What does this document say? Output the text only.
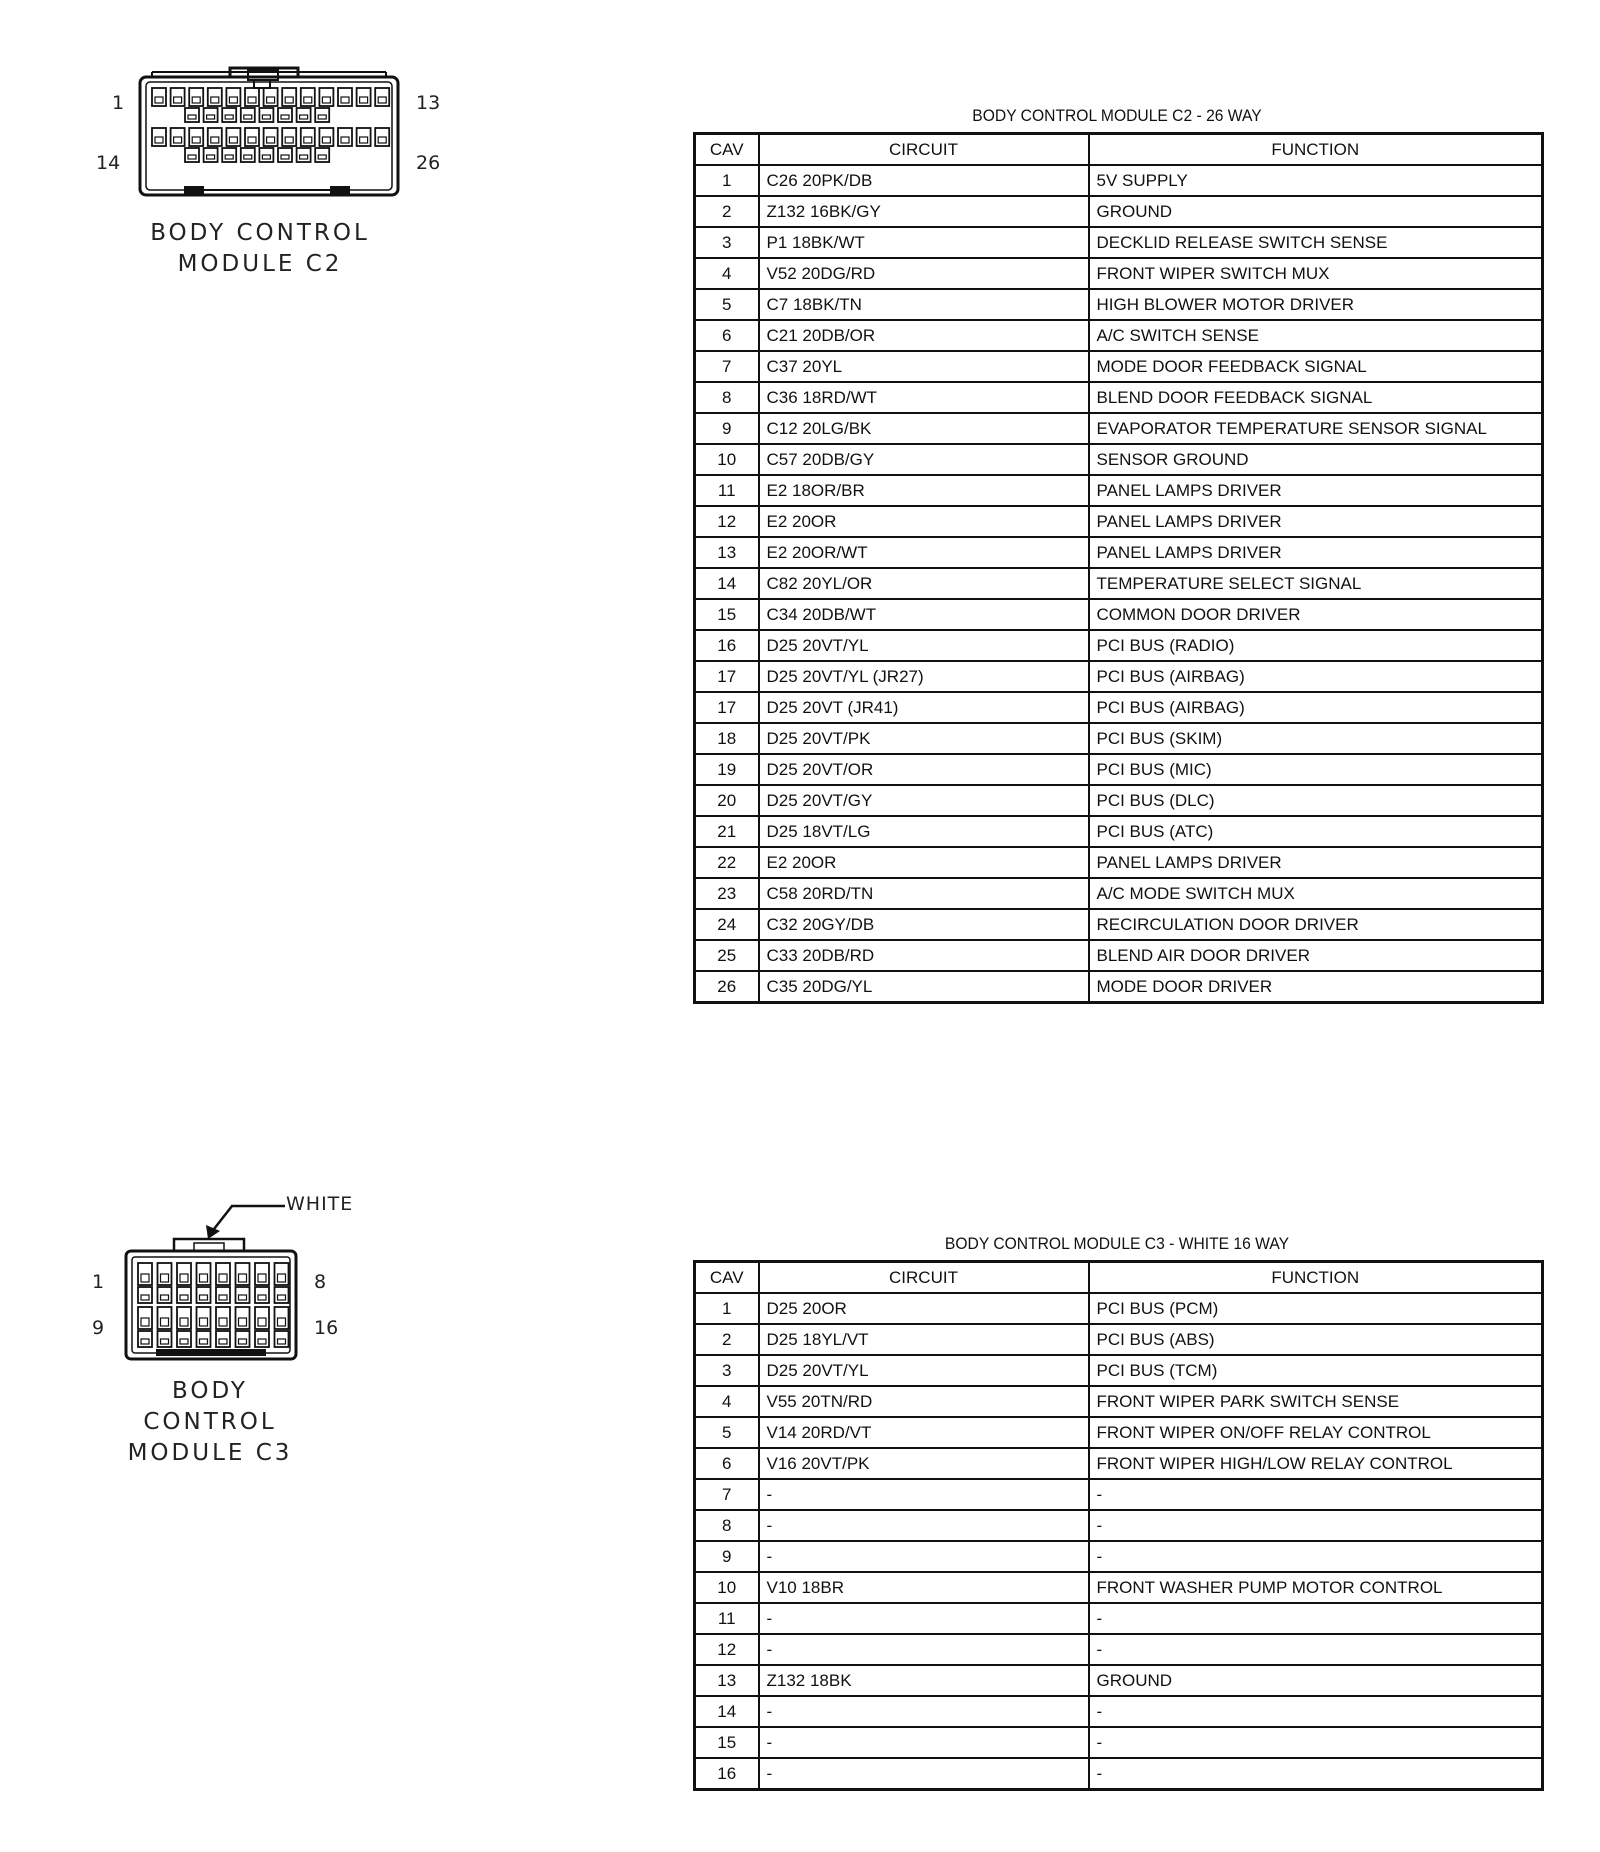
1	13
14	26
BODY CONTROL
MODULE C2
BODY CONTROL MODULE C2 - 26 WAY
CAV	CIRCUIT	FUNCTION
1	C26 20PK/DB	5V SUPPLY
2	Z132 16BK/GY	GROUND
3	P1 18BK/WT	DECKLID RELEASE SWITCH SENSE
4	V52 20DG/RD	FRONT WIPER SWITCH MUX
5	C7 18BK/TN	HIGH BLOWER MOTOR DRIVER
6	C21 20DB/OR	A/C SWITCH SENSE
7	C37 20YL	MODE DOOR FEEDBACK SIGNAL
8	C36 18RD/WT	BLEND DOOR FEEDBACK SIGNAL
9	C12 20LG/BK	EVAPORATOR TEMPERATURE SENSOR SIGNAL
10	C57 20DB/GY	SENSOR GROUND
11	E2 18OR/BR	PANEL LAMPS DRIVER
12	E2 20OR	PANEL LAMPS DRIVER
13	E2 20OR/WT	PANEL LAMPS DRIVER
14	C82 20YL/OR	TEMPERATURE SELECT SIGNAL
15	C34 20DB/WT	COMMON DOOR DRIVER
16	D25 20VT/YL	PCI BUS (RADIO)
17	D25 20VT/YL (JR27)	PCI BUS (AIRBAG)
17	D25 20VT (JR41)	PCI BUS (AIRBAG)
18	D25 20VT/PK	PCI BUS (SKIM)
19	D25 20VT/OR	PCI BUS (MIC)
20	D25 20VT/GY	PCI BUS (DLC)
21	D25 18VT/LG	PCI BUS (ATC)
22	E2 20OR	PANEL LAMPS DRIVER
23	C58 20RD/TN	A/C MODE SWITCH MUX
24	C32 20GY/DB	RECIRCULATION DOOR DRIVER
25	C33 20DB/RD	BLEND AIR DOOR DRIVER
26	C35 20DG/YL	MODE DOOR DRIVER
WHITE
1	8
9	16
BODY
CONTROL
MODULE C3
BODY CONTROL MODULE C3 - WHITE 16 WAY
CAV	CIRCUIT	FUNCTION
1	D25 20OR	PCI BUS (PCM)
2	D25 18YL/VT	PCI BUS (ABS)
3	D25 20VT/YL	PCI BUS (TCM)
4	V55 20TN/RD	FRONT WIPER PARK SWITCH SENSE
5	V14 20RD/VT	FRONT WIPER ON/OFF RELAY CONTROL
6	V16 20VT/PK	FRONT WIPER HIGH/LOW RELAY CONTROL
7	-	-
8	-	-
9	-	-
10	V10 18BR	FRONT WASHER PUMP MOTOR CONTROL
11	-	-
12	-	-
13	Z132 18BK	GROUND
14	-	-
15	-	-
16	-	-
